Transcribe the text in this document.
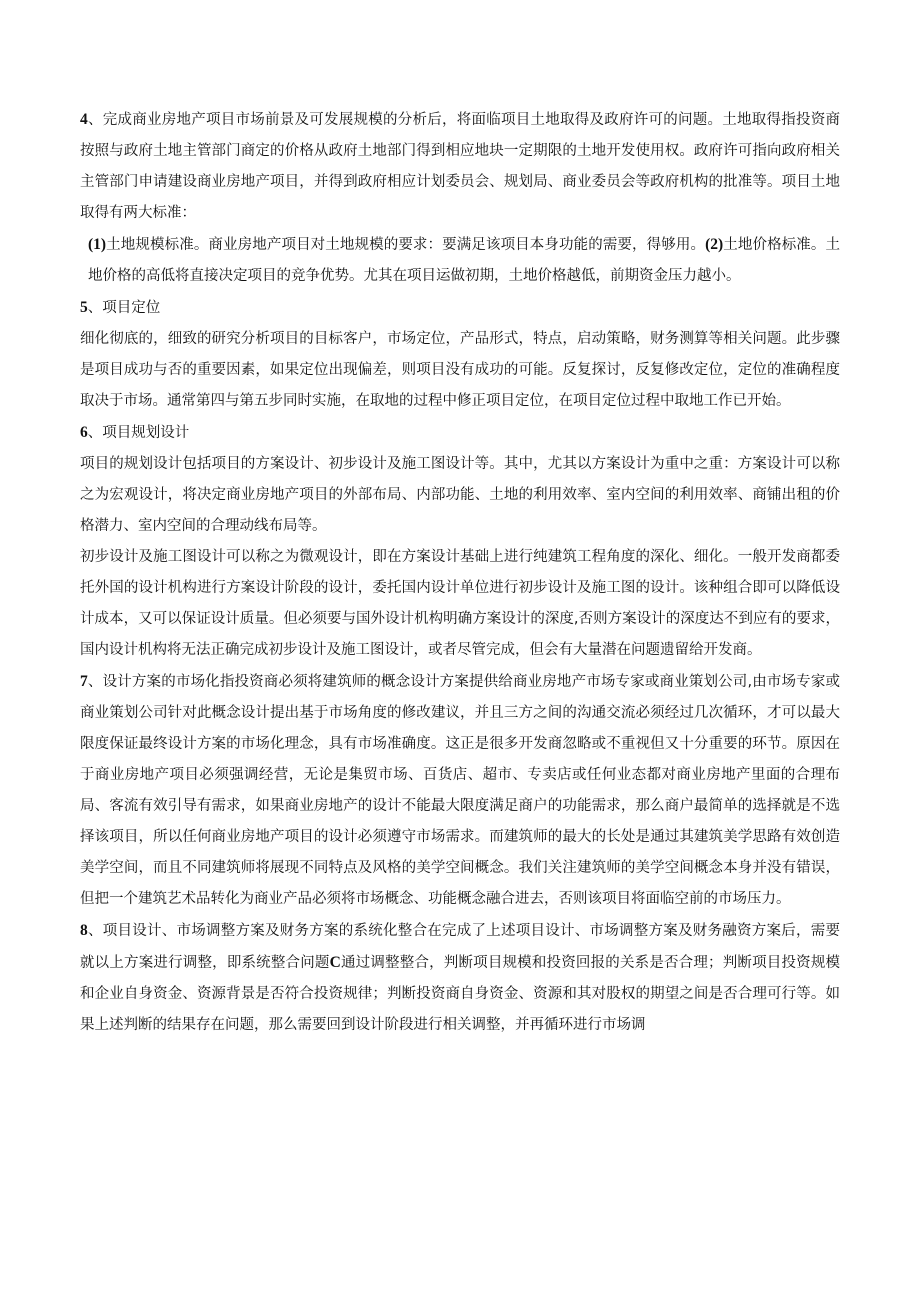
4、完成商业房地产项目市场前景及可发展规模的分析后，将面临项目土地取得及政府许可的问题。土地取得指投资商按照与政府土地主管部门商定的价格从政府土地部门得到相应地块一定期限的土地开发使用权。政府许可指向政府相关主管部门申请建设商业房地产项目，并得到政府相应计划委员会、规划局、商业委员会等政府机构的批准等。项目土地取得有两大标准：

(1)土地规模标准。商业房地产项目对土地规模的要求：要满足该项目本身功能的需要，得够用。(2)土地价格标准。土地价格的高低将直接决定项目的竞争优势。尤其在项目运做初期，土地价格越低，前期资金压力越小。

5、项目定位

细化彻底的，细致的研究分析项目的目标客户，市场定位，产品形式，特点，启动策略，财务测算等相关问题。此步骤是项目成功与否的重要因素，如果定位出现偏差，则项目没有成功的可能。反复探讨，反复修改定位，定位的准确程度取决于市场。通常第四与第五步同时实施，在取地的过程中修正项目定位，在项目定位过程中取地工作已开始。

6、项目规划设计

项目的规划设计包括项目的方案设计、初步设计及施工图设计等。其中，尤其以方案设计为重中之重：方案设计可以称之为宏观设计，将决定商业房地产项目的外部布局、内部功能、土地的利用效率、室内空间的利用效率、商铺出租的价格潜力、室内空间的合理动线布局等。

初步设计及施工图设计可以称之为微观设计，即在方案设计基础上进行纯建筑工程角度的深化、细化。一般开发商都委托外国的设计机构进行方案设计阶段的设计，委托国内设计单位进行初步设计及施工图的设计。该种组合即可以降低设计成本，又可以保证设计质量。但必须要与国外设计机构明确方案设计的深度,否则方案设计的深度达不到应有的要求，国内设计机构将无法正确完成初步设计及施工图设计，或者尽管完成，但会有大量潜在问题遗留给开发商。

7、设计方案的市场化指投资商必须将建筑师的概念设计方案提供给商业房地产市场专家或商业策划公司,由市场专家或商业策划公司针对此概念设计提出基于市场角度的修改建议，并且三方之间的沟通交流必须经过几次循环，才可以最大限度保证最终设计方案的市场化理念，具有市场准确度。这正是很多开发商忽略或不重视但又十分重要的环节。原因在于商业房地产项目必须强调经营，无论是集贸市场、百货店、超市、专卖店或任何业态都对商业房地产里面的合理布局、客流有效引导有需求，如果商业房地产的设计不能最大限度满足商户的功能需求，那么商户最简单的选择就是不选择该项目，所以任何商业房地产项目的设计必须遵守市场需求。而建筑师的最大的长处是通过其建筑美学思路有效创造美学空间，而且不同建筑师将展现不同特点及风格的美学空间概念。我们关注建筑师的美学空间概念本身并没有错误，但把一个建筑艺术品转化为商业产品必须将市场概念、功能概念融合进去，否则该项目将面临空前的市场压力。

8、项目设计、市场调整方案及财务方案的系统化整合在完成了上述项目设计、市场调整方案及财务融资方案后，需要就以上方案进行调整，即系统整合问题C通过调整整合，判断项目规模和投资回报的关系是否合理；判断项目投资规模和企业自身资金、资源背景是否符合投资规律；判断投资商自身资金、资源和其对股权的期望之间是否合理可行等。如果上述判断的结果存在问题，那么需要回到设计阶段进行相关调整，并再循环进行市场调
